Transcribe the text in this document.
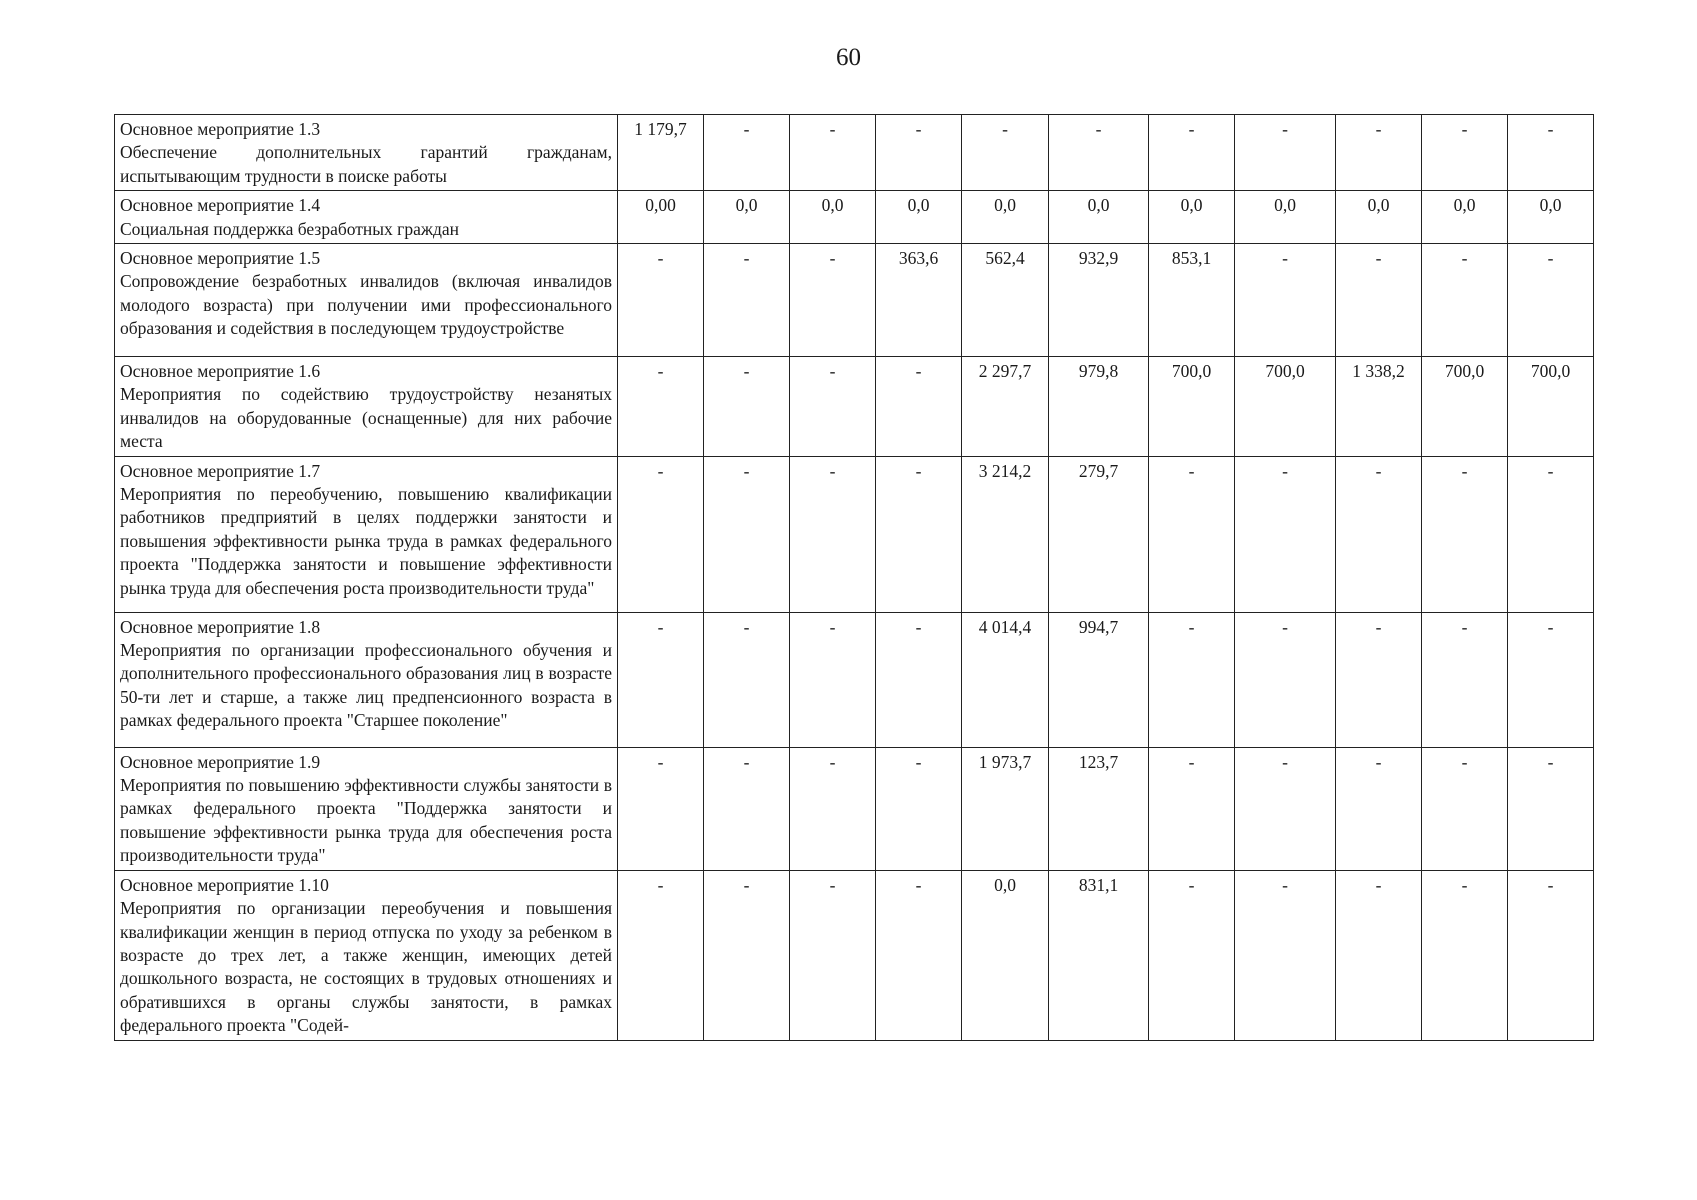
60
Основное мероприятие 1.3
Обеспечение дополнительных гарантий гражданам, испытывающим трудности в поиске работы	1 179,7	-	-	-	-	-	-	-	-	-	-

Основное мероприятие 1.4
Социальная поддержка безработных граждан	0,00	0,0	0,0	0,0	0,0	0,0	0,0	0,0	0,0	0,0	0,0

Основное мероприятие 1.5
Сопровождение безработных инвалидов (включая инвалидов молодого возраста) при получении ими профессионального образования и содействия в последующем трудоустройстве	-	-	-	363,6	562,4	932,9	853,1	-	-	-	-

Основное мероприятие 1.6
Мероприятия по содействию трудоустройству незанятых инвалидов на оборудованные (оснащенные) для них рабочие места	-	-	-	-	2 297,7	979,8	700,0	700,0	1 338,2	700,0	700,0

Основное мероприятие 1.7
Мероприятия по переобучению, повышению квалификации работников предприятий в целях поддержки занятости и повышения эффективности рынка труда в рамках федерального проекта "Поддержка занятости и повышение эффективности рынка труда для обеспечения роста производительности труда"	-	-	-	-	3 214,2	279,7	-	-	-	-	-

Основное мероприятие 1.8
Мероприятия по организации профессионального обучения и дополнительного профессионального образования лиц в возрасте 50-ти лет и старше, а также лиц предпенсионного возраста в рамках федерального проекта "Старшее поколение"	-	-	-	-	4 014,4	994,7	-	-	-	-	-

Основное мероприятие 1.9
Мероприятия по повышению эффективности службы занятости в рамках федерального проекта "Поддержка занятости и повышение эффективности рынка труда для обеспечения роста производительности труда"	-	-	-	-	1 973,7	123,7	-	-	-	-	-

Основное мероприятие 1.10
Мероприятия по организации переобучения и повышения квалификации женщин в период отпуска по уходу за ребенком в возрасте до трех лет, а также женщин, имеющих детей дошкольного возраста, не состоящих в трудовых отношениях и обратившихся в органы службы занятости, в рамках федерального проекта "Содей-	-	-	-	-	0,0	831,1	-	-	-	-	-
